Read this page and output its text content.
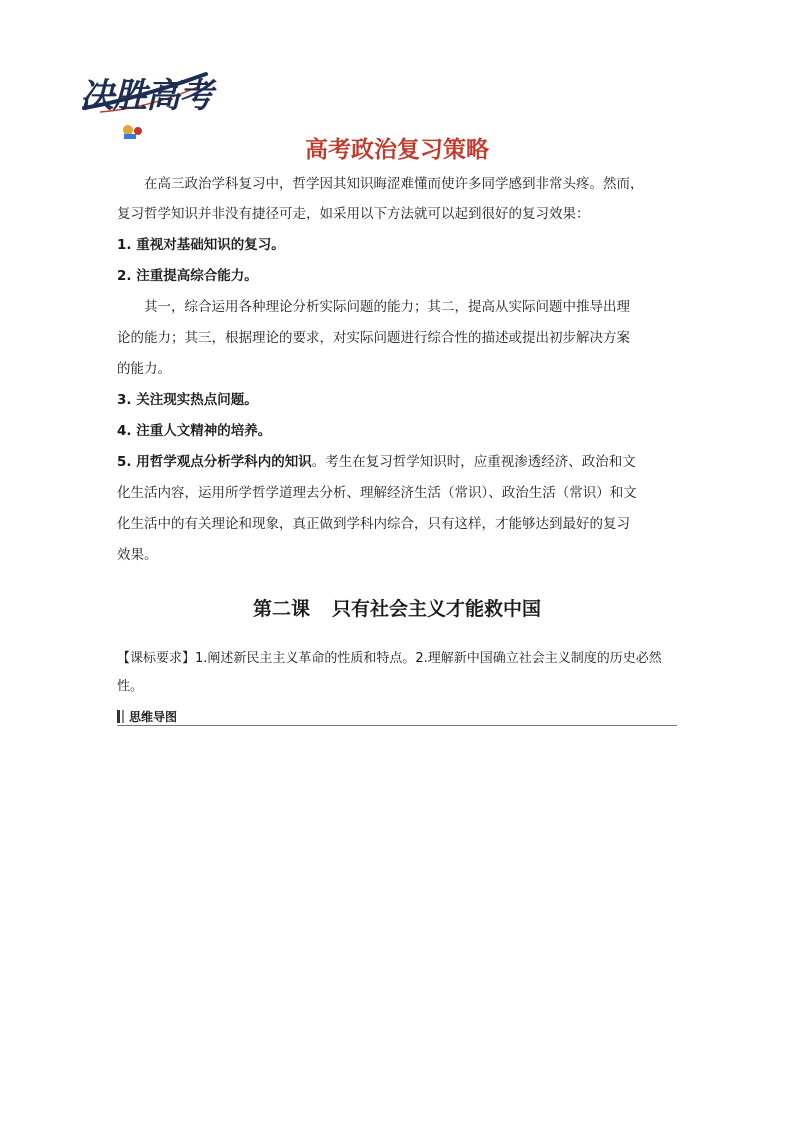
决胜高考
高考政治复习策略

在高三政治学科复习中，哲学因其知识晦涩难懂而使许多同学感到非常头疼。然而，

复习哲学知识并非没有捷径可走，如采用以下方法就可以起到很好的复习效果：

1. 重视对基础知识的复习。

2. 注重提高综合能力。

其一，综合运用各种理论分析实际问题的能力；其二，提高从实际问题中推导出理

论的能力；其三，根据理论的要求，对实际问题进行综合性的描述或提出初步解决方案

的能力。

3. 关注现实热点问题。

4. 注重人文精神的培养。

5. 用哲学观点分析学科内的知识。考生在复习哲学知识时，应重视渗透经济、政治和文

化生活内容，运用所学哲学道理去分析、理解经济生活（常识）、政治生活（常识）和文

化生活中的有关理论和现象，真正做到学科内综合，只有这样，才能够达到最好的复习

效果。

第二课 只有社会主义才能救中国

【课标要求】1.阐述新民主主义革命的性质和特点。2.理解新中国确立社会主义制度的历史必然

性。

思维导图
